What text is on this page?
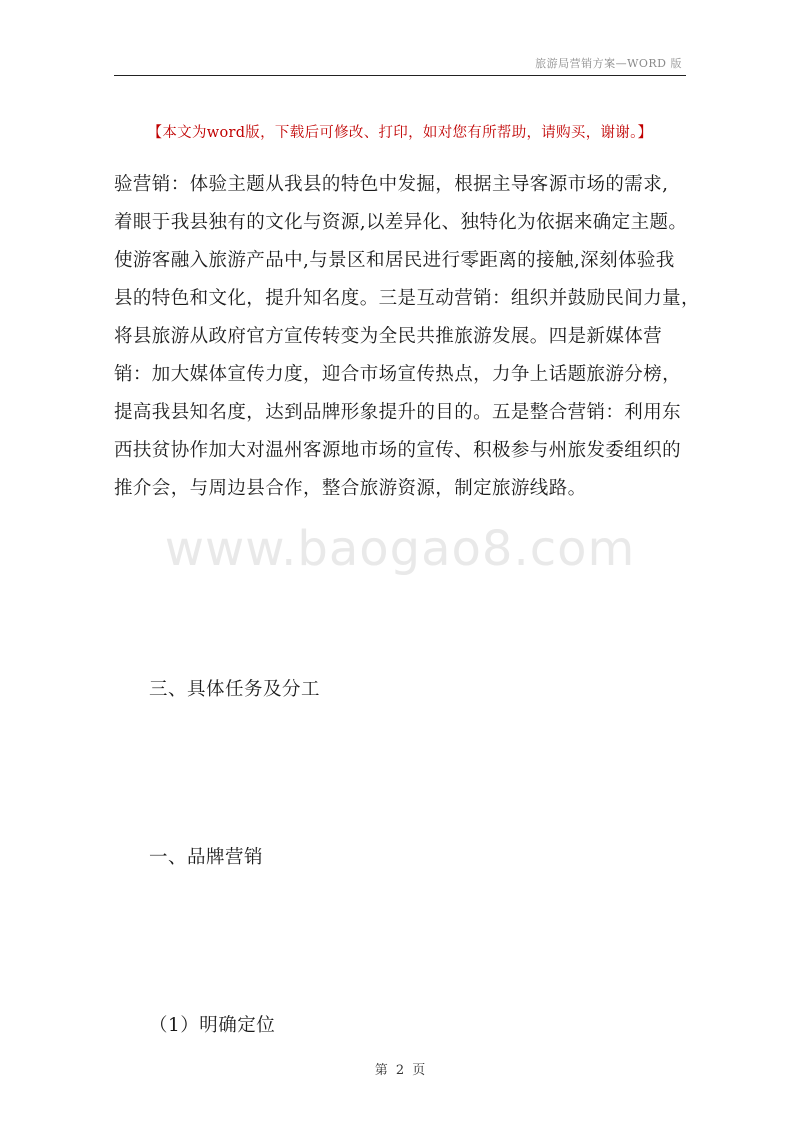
旅游局营销方案—WORD 版
【本文为word版，下载后可修改、打印，如对您有所帮助，请购买，谢谢。】
验营销：体验主题从我县的特色中发掘，根据主导客源市场的需求,
着眼于我县独有的文化与资源,以差异化、独特化为依据来确定主题。
使游客融入旅游产品中,与景区和居民进行零距离的接触,深刻体验我
县的特色和文化，提升知名度。三是互动营销：组织并鼓励民间力量，
将县旅游从政府官方宣传转变为全民共推旅游发展。四是新媒体营
销：加大媒体宣传力度，迎合市场宣传热点，力争上话题旅游分榜，
提高我县知名度，达到品牌形象提升的目的。五是整合营销：利用东
西扶贫协作加大对温州客源地市场的宣传、积极参与州旅发委组织的
推介会，与周边县合作，整合旅游资源，制定旅游线路。
www.baogao8.com
三、具体任务及分工
一、品牌营销
（1）明确定位
第 2 页
